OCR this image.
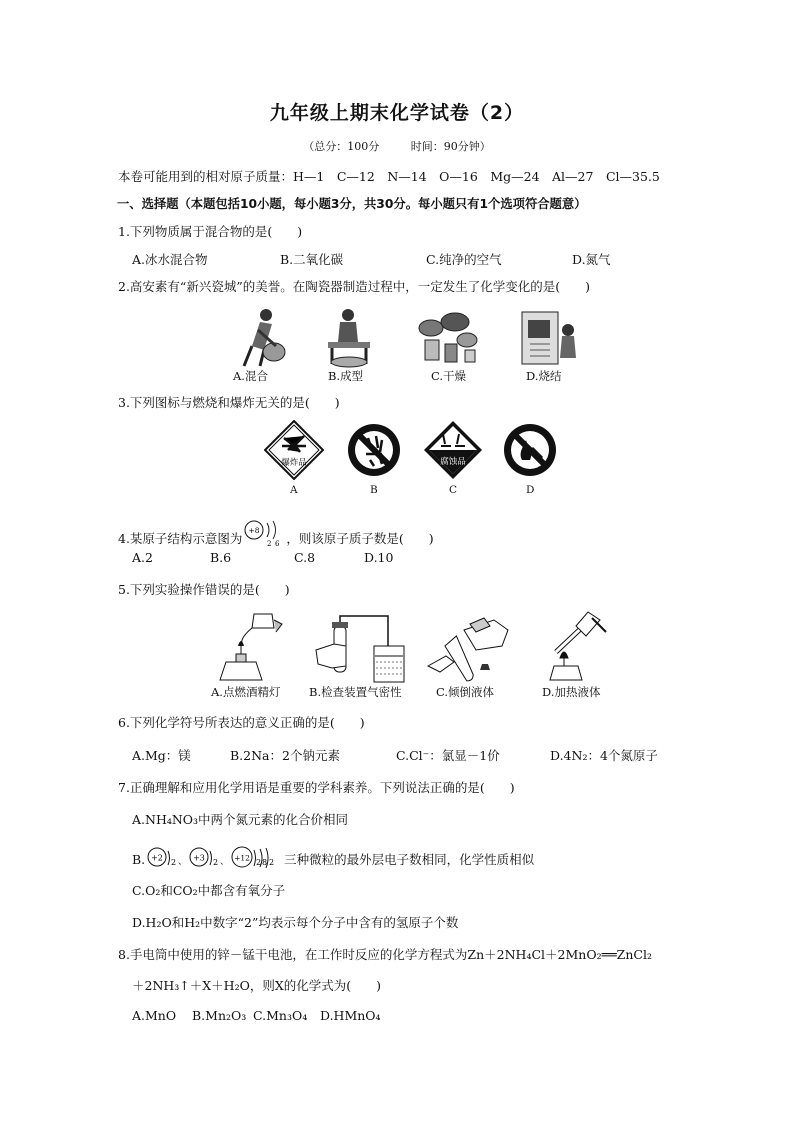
九年级上期末化学试卷（2）
（总分：100分	时间：90分钟）
本卷可能用到的相对原子质量：H—1　C—12　N—14　O—16　Mg—24　Al—27　Cl—35.5
一、选择题（本题包括10小题，每小题3分，共30分。每小题只有1个选项符合题意）
1.下列物质属于混合物的是(　　)
A.冰水混合物	B.二氧化碳	C.纯净的空气	D.氮气
2.高安素有“新兴瓷城”的美誉。在陶瓷器制造过程中，一定发生了化学变化的是(　　)
A.混合	B.成型	C.干燥	D.烧结
3.下列图标与燃烧和爆炸无关的是(　　)
爆炸品	腐蚀品
A	B	C	D
4.某原子结构示意图为
+8
2 6 ，则该原子质子数是(　　)
A.2	B.6	C.8	D.10
5.下列实验操作错误的是(　　)
A.点燃酒精灯 B.检查装置气密性	C.倾倒液体	D.加热液体
6.下列化学符号所表达的意义正确的是(　　)
A.Mg：镁	B.2Na：2个钠元素	C.Cl⁻：氯显－1价	D.4N₂：4个氮原子
7.正确理解和应用化学用语是重要的学科素养。下列说法正确的是(　　)
A.NH₄NO₃中两个氮元素的化合价相同
B. +2 2 、 +3 2 、 +12 2 8 2 三种微粒的最外层电子数相同，化学性质相似
C.O₂和CO₂中都含有氧分子
D.H₂O和H₂中数字“2”均表示每个分子中含有的氢原子个数
8.手电筒中使用的锌－锰干电池，在工作时反应的化学方程式为Zn＋2NH₄Cl＋2MnO₂══ZnCl₂
＋2NH₃↑＋X＋H₂O，则X的化学式为(　　)
A.MnO B.Mn₂O₃ C.Mn₃O₄ D.HMnO₄
